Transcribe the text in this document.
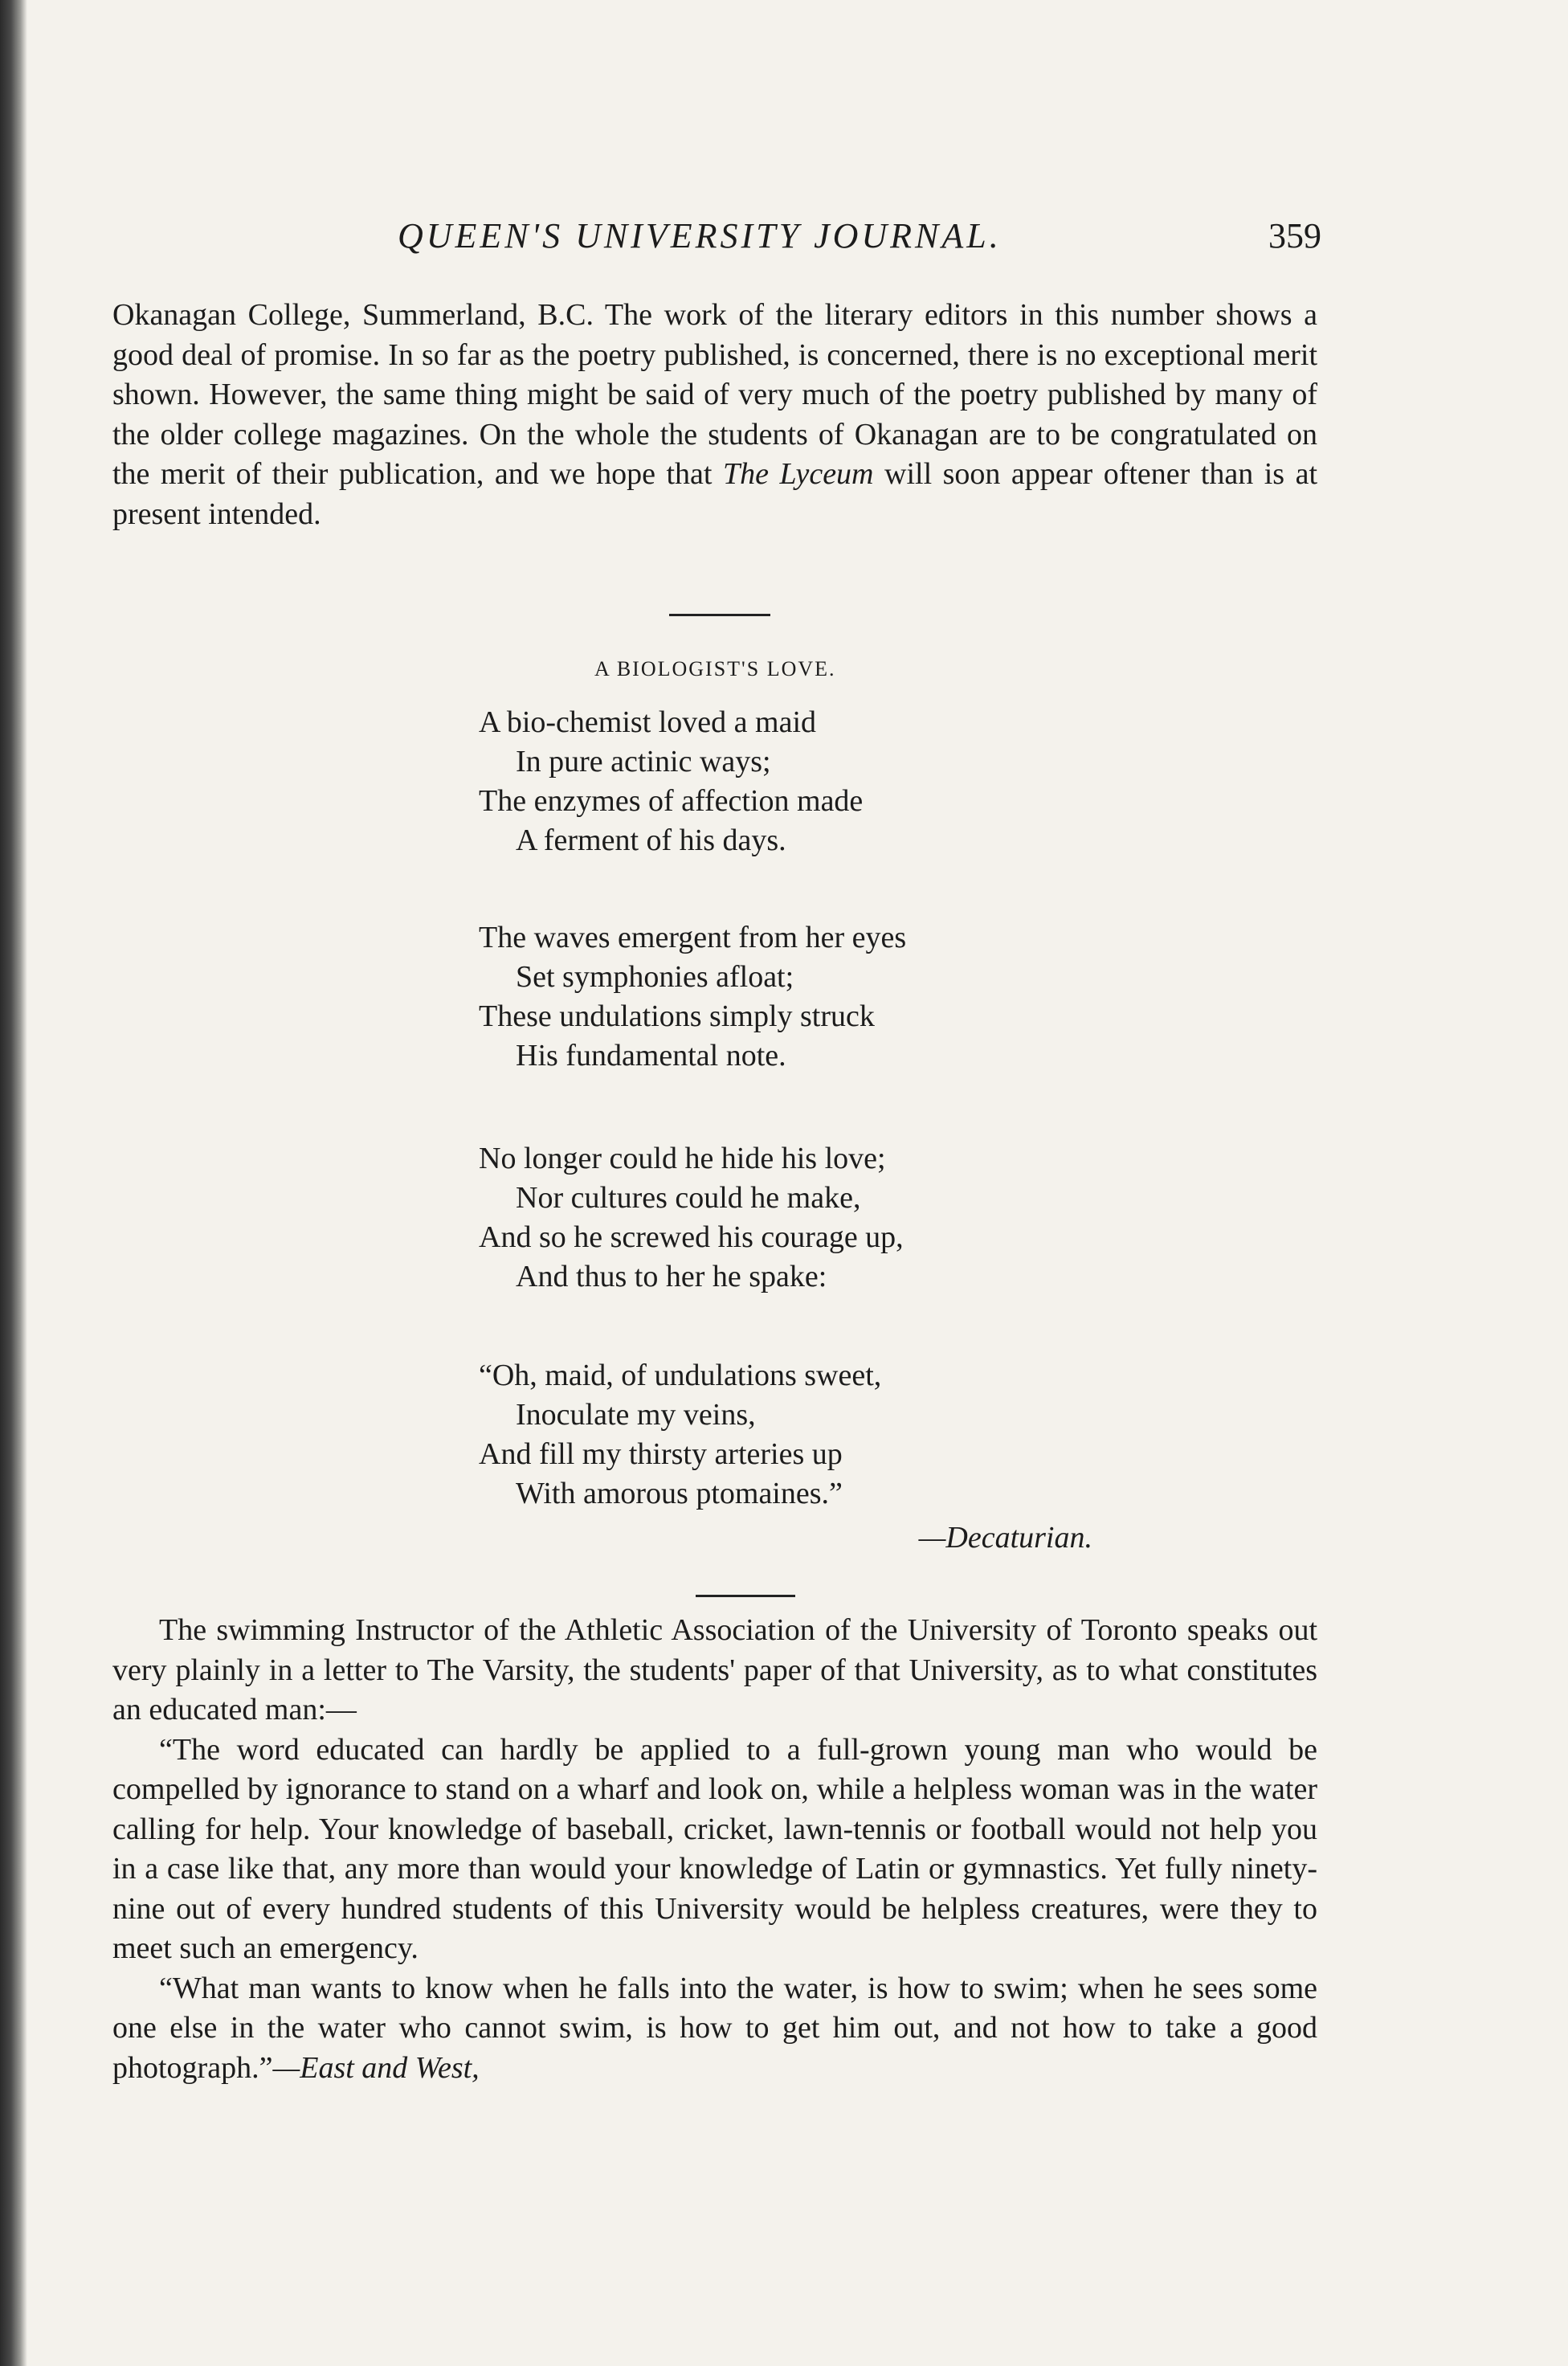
QUEEN'S UNIVERSITY JOURNAL.	359

Okanagan College, Summerland, B.C. The work of the literary editors in this number shows a good deal of promise. In so far as the poetry published, is concerned, there is no exceptional merit shown. However, the same thing might be said of very much of the poetry published by many of the older college magazines. On the whole the students of Okanagan are to be congratulated on the merit of their publication, and we hope that The Lyceum will soon appear oftener than is at present intended.

A BIOLOGIST'S LOVE.
A bio-chemist loved a maid
In pure actinic ways;
The enzymes of affection made
A ferment of his days.
The waves emergent from her eyes
Set symphonies afloat;
These undulations simply struck
His fundamental note.
No longer could he hide his love;
Nor cultures could he make,
And so he screwed his courage up,
And thus to her he spake:
“Oh, maid, of undulations sweet,
Inoculate my veins,
And fill my thirsty arteries up
With amorous ptomaines.”
—Decaturian.

The swimming Instructor of the Athletic Association of the University of Toronto speaks out very plainly in a letter to The Varsity, the students' paper of that University, as to what constitutes an educated man:—

“The word educated can hardly be applied to a full-grown young man who would be compelled by ignorance to stand on a wharf and look on, while a helpless woman was in the water calling for help. Your knowledge of baseball, cricket, lawn-tennis or football would not help you in a case like that, any more than would your knowledge of Latin or gymnastics. Yet fully ninety-nine out of every hundred students of this University would be helpless creatures, were they to meet such an emergency.

“What man wants to know when he falls into the water, is how to swim; when he sees some one else in the water who cannot swim, is how to get him out, and not how to take a good photograph.”—East and West,
